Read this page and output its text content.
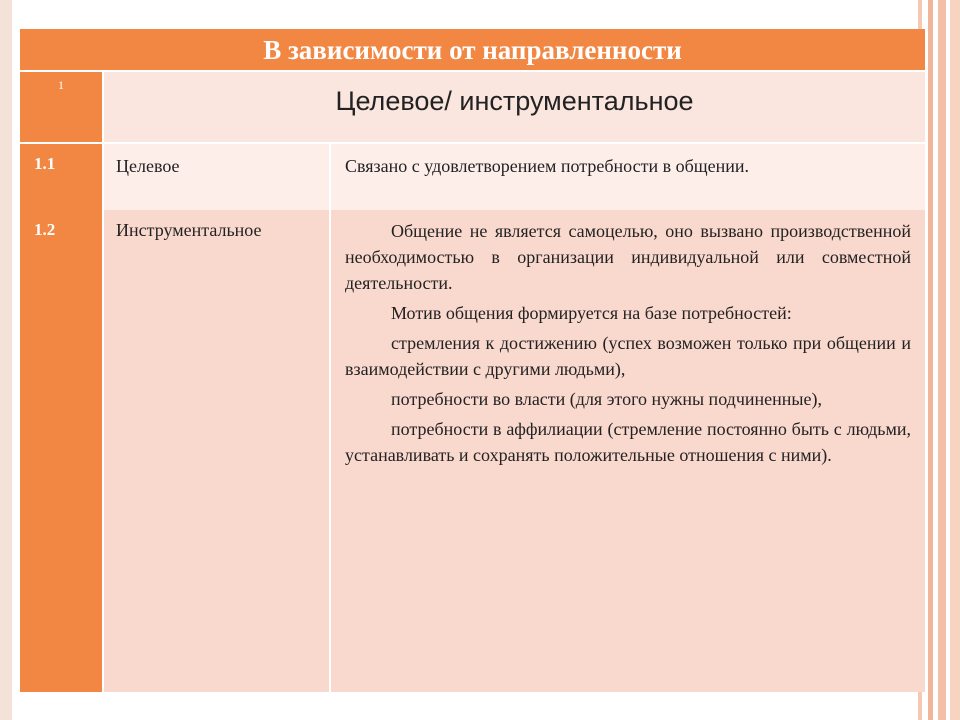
В зависимости от направленности
1
Целевое/ инструментальное
1.1	Целевое	Связано с удовлетворением потребности в общении.
1.2	Инструментальное	Общение не является самоцелью, оно вызвано производственной необходимостью в организации индивидуальной или совместной деятельности.

Мотив общения формируется на базе потребностей:

стремления к достижению (успех возможен только при общении и взаимодействии с другими людьми),

потребности во власти (для этого нужны подчиненные),

потребности в аффилиации (стремление постоянно быть с людьми, устанавливать и сохранять положительные отношения с ними).
